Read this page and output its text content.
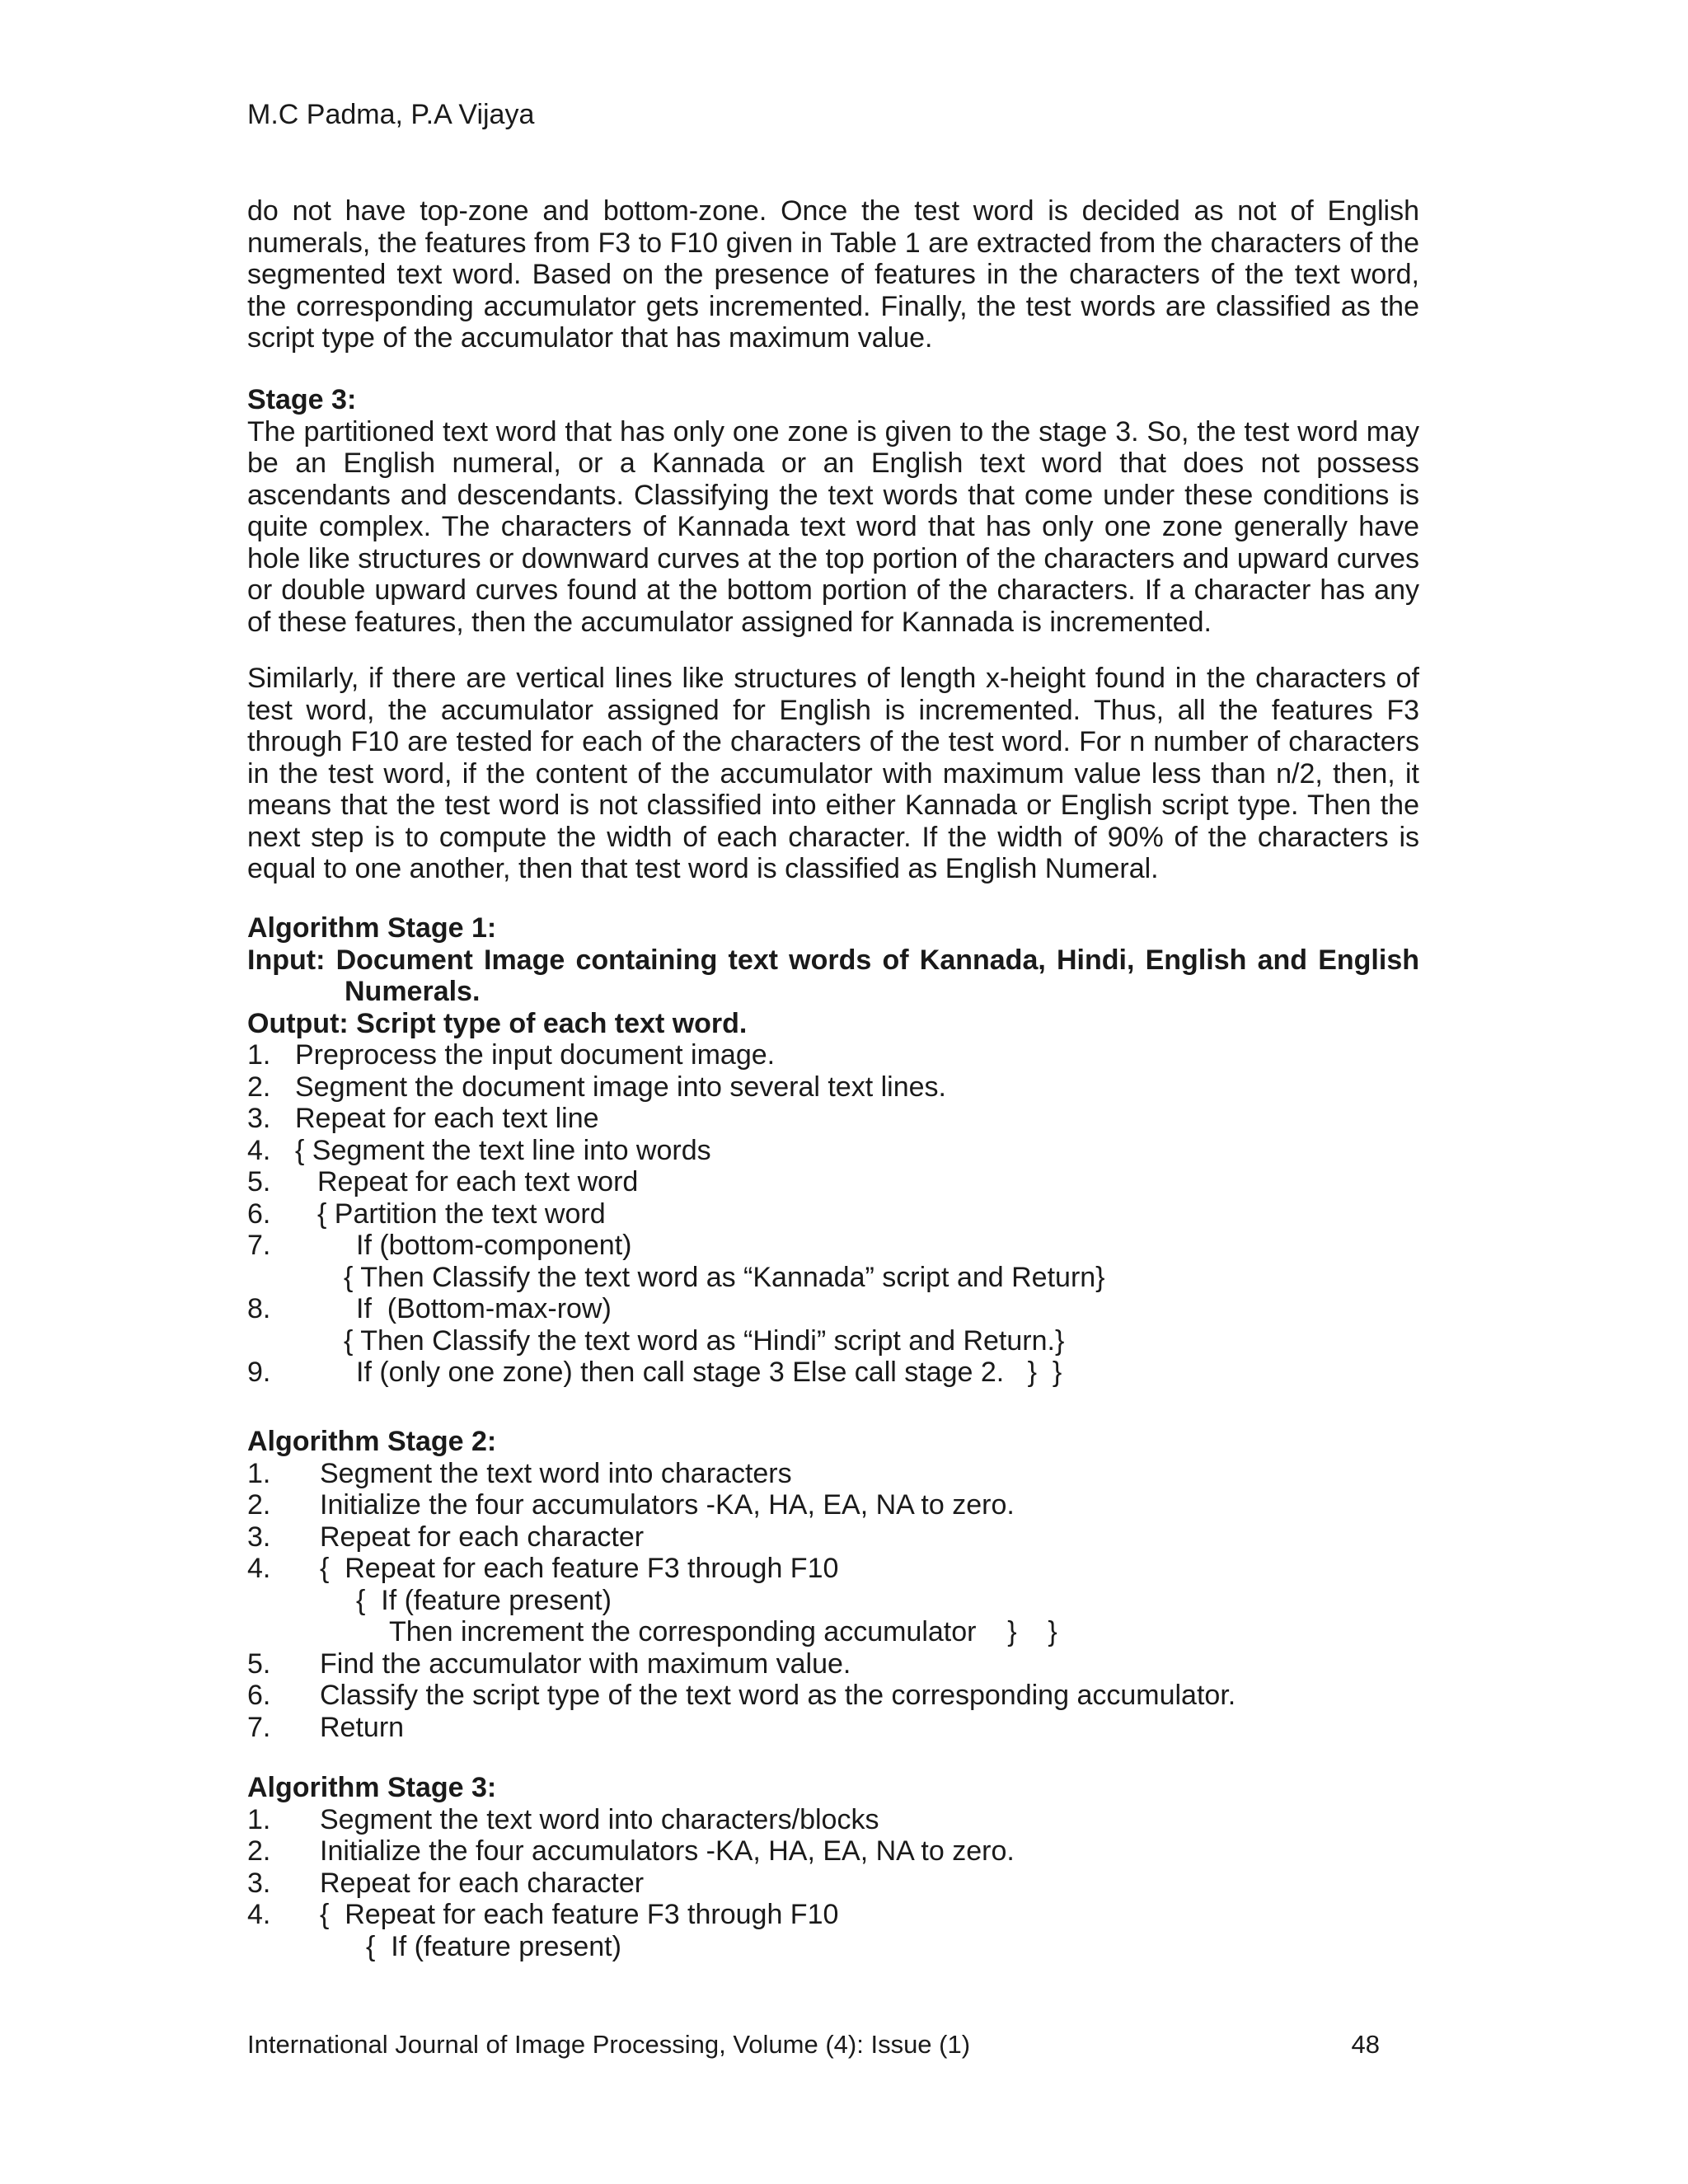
M.C Padma, P.A Vijaya
do not have top-zone and bottom-zone. Once the test word is decided as not of English numerals, the features from F3 to F10 given in Table 1 are extracted from the characters of the segmented text word. Based on the presence of features in the characters of the text word, the corresponding accumulator gets incremented. Finally, the test words are classified as the script type of the accumulator that has maximum value.
Stage 3:
The partitioned text word that has only one zone is given to the stage 3. So, the test word may be an English numeral, or a Kannada or an English text word that does not possess ascendants and descendants. Classifying the text words that come under these conditions is quite complex. The characters of Kannada text word that has only one zone generally have hole like structures or downward curves at the top portion of the characters and upward curves or double upward curves found at the bottom portion of the characters. If a character has any of these features, then the accumulator assigned for Kannada is incremented.
Similarly, if there are vertical lines like structures of length x-height found in the characters of test word, the accumulator assigned for English is incremented. Thus, all the features F3 through F10 are tested for each of the characters of the test word. For n number of characters in the test word, if the content of the accumulator with maximum value less than n/2, then, it means that the test word is not classified into either Kannada or English script type. Then the next step is to compute the width of each character. If the width of 90% of the characters is equal to one another, then that test word is classified as English Numeral.
Algorithm Stage 1:
Input: Document Image containing text words of Kannada, Hindi, English and English
Numerals.
Output: Script type of each text word.
1. Preprocess the input document image.
2. Segment the document image into several text lines.
3. Repeat for each text line
4. { Segment the text line into words
5. Repeat for each text word
6. { Partition the text word
7.	If (bottom-component)
{ Then Classify the text word as “Kannada” script and Return}
8.	If  (Bottom-max-row)
{ Then Classify the text word as “Hindi” script and Return.}
9.	If (only one zone) then call stage 3 Else call stage 2.   }  }
Algorithm Stage 2:
1. Segment the text word into characters
2. Initialize the four accumulators -KA, HA, EA, NA to zero.
3. Repeat for each character
4. {  Repeat for each feature F3 through F10
{  If (feature present)
Then increment the corresponding accumulator    }    }
5. Find the accumulator with maximum value.
6. Classify the script type of the text word as the corresponding accumulator.
7. Return
Algorithm Stage 3:
1. Segment the text word into characters/blocks
2. Initialize the four accumulators -KA, HA, EA, NA to zero.
3. Repeat for each character
4. {  Repeat for each feature F3 through F10
{  If (feature present)
International Journal of Image Processing, Volume (4): Issue (1)	48
